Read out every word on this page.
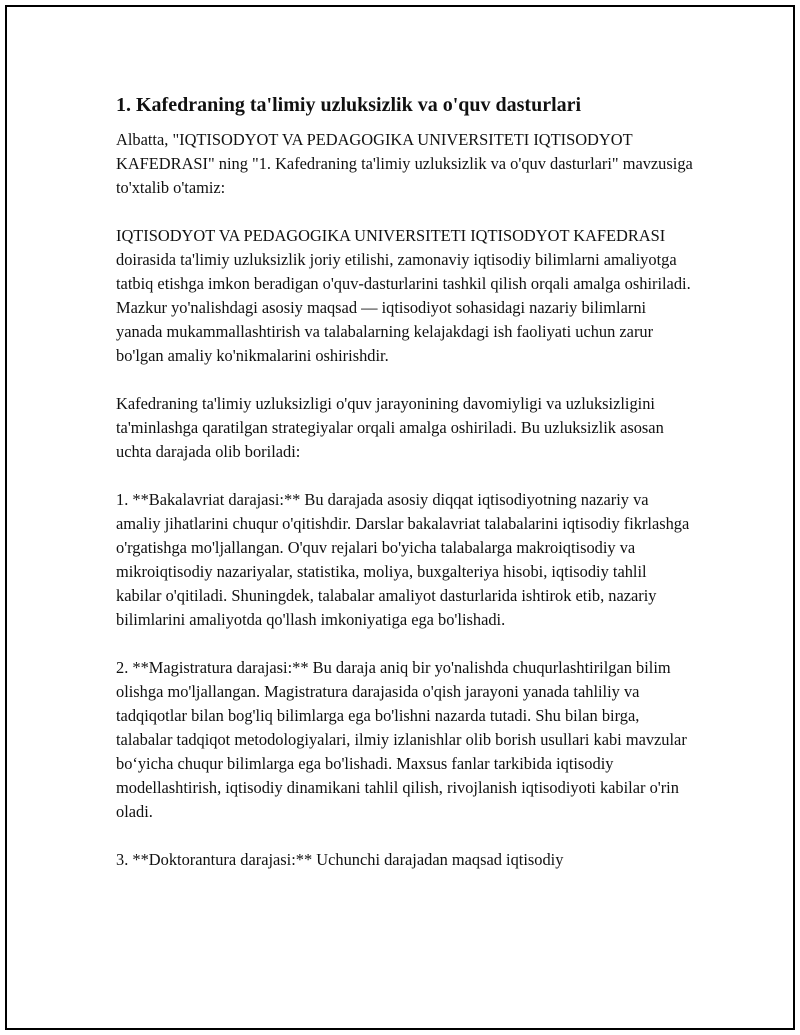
1. Kafedraning ta'limiy uzluksizlik va o'quv dasturlari

Albatta, "IQTISODYOT VA PEDAGOGIKA UNIVERSITETI IQTISODYOT KAFEDRASI" ning "1. Kafedraning ta'limiy uzluksizlik va o'quv dasturlari" mavzusiga to'xtalib o'tamiz:

IQTISODYOT VA PEDAGOGIKA UNIVERSITETI IQTISODYOT KAFEDRASI doirasida ta'limiy uzluksizlik joriy etilishi, zamonaviy iqtisodiy bilimlarni amaliyotga tatbiq etishga imkon beradigan o'quv-dasturlarini tashkil qilish orqali amalga oshiriladi. Mazkur yo'nalishdagi asosiy maqsad — iqtisodiyot sohasidagi nazariy bilimlarni yanada mukammallashtirish va talabalarning kelajakdagi ish faoliyati uchun zarur bo'lgan amaliy ko'nikmalarini oshirishdir.

Kafedraning ta'limiy uzluksizligi o'quv jarayonining davomiyligi va uzluksizligini ta'minlashga qaratilgan strategiyalar orqali amalga oshiriladi. Bu uzluksizlik asosan uchta darajada olib boriladi:

1. **Bakalavriat darajasi:** Bu darajada asosiy diqqat iqtisodiyotning nazariy va amaliy jihatlarini chuqur o'qitishdir. Darslar bakalavriat talabalarini iqtisodiy fikrlashga o'rgatishga mo'ljallangan. O'quv rejalari bo'yicha talabalarga makroiqtisodiy va mikroiqtisodiy nazariyalar, statistika, moliya, buxgalteriya hisobi, iqtisodiy tahlil kabilar o'qitiladi. Shuningdek, talabalar amaliyot dasturlarida ishtirok etib, nazariy bilimlarini amaliyotda qo'llash imkoniyatiga ega bo'lishadi.

2. **Magistratura darajasi:** Bu daraja aniq bir yo'nalishda chuqurlashtirilgan bilim olishga mo'ljallangan. Magistratura darajasida o'qish jarayoni yanada tahliliy va tadqiqotlar bilan bog'liq bilimlarga ega bo'lishni nazarda tutadi. Shu bilan birga, talabalar tadqiqot metodologiyalari, ilmiy izlanishlar olib borish usullari kabi mavzular bo‘yicha chuqur bilimlarga ega bo'lishadi. Maxsus fanlar tarkibida iqtisodiy modellashtirish, iqtisodiy dinamikani tahlil qilish, rivojlanish iqtisodiyoti kabilar o'rin oladi.

3. **Doktorantura darajasi:** Uchunchi darajadan maqsad iqtisodiy
